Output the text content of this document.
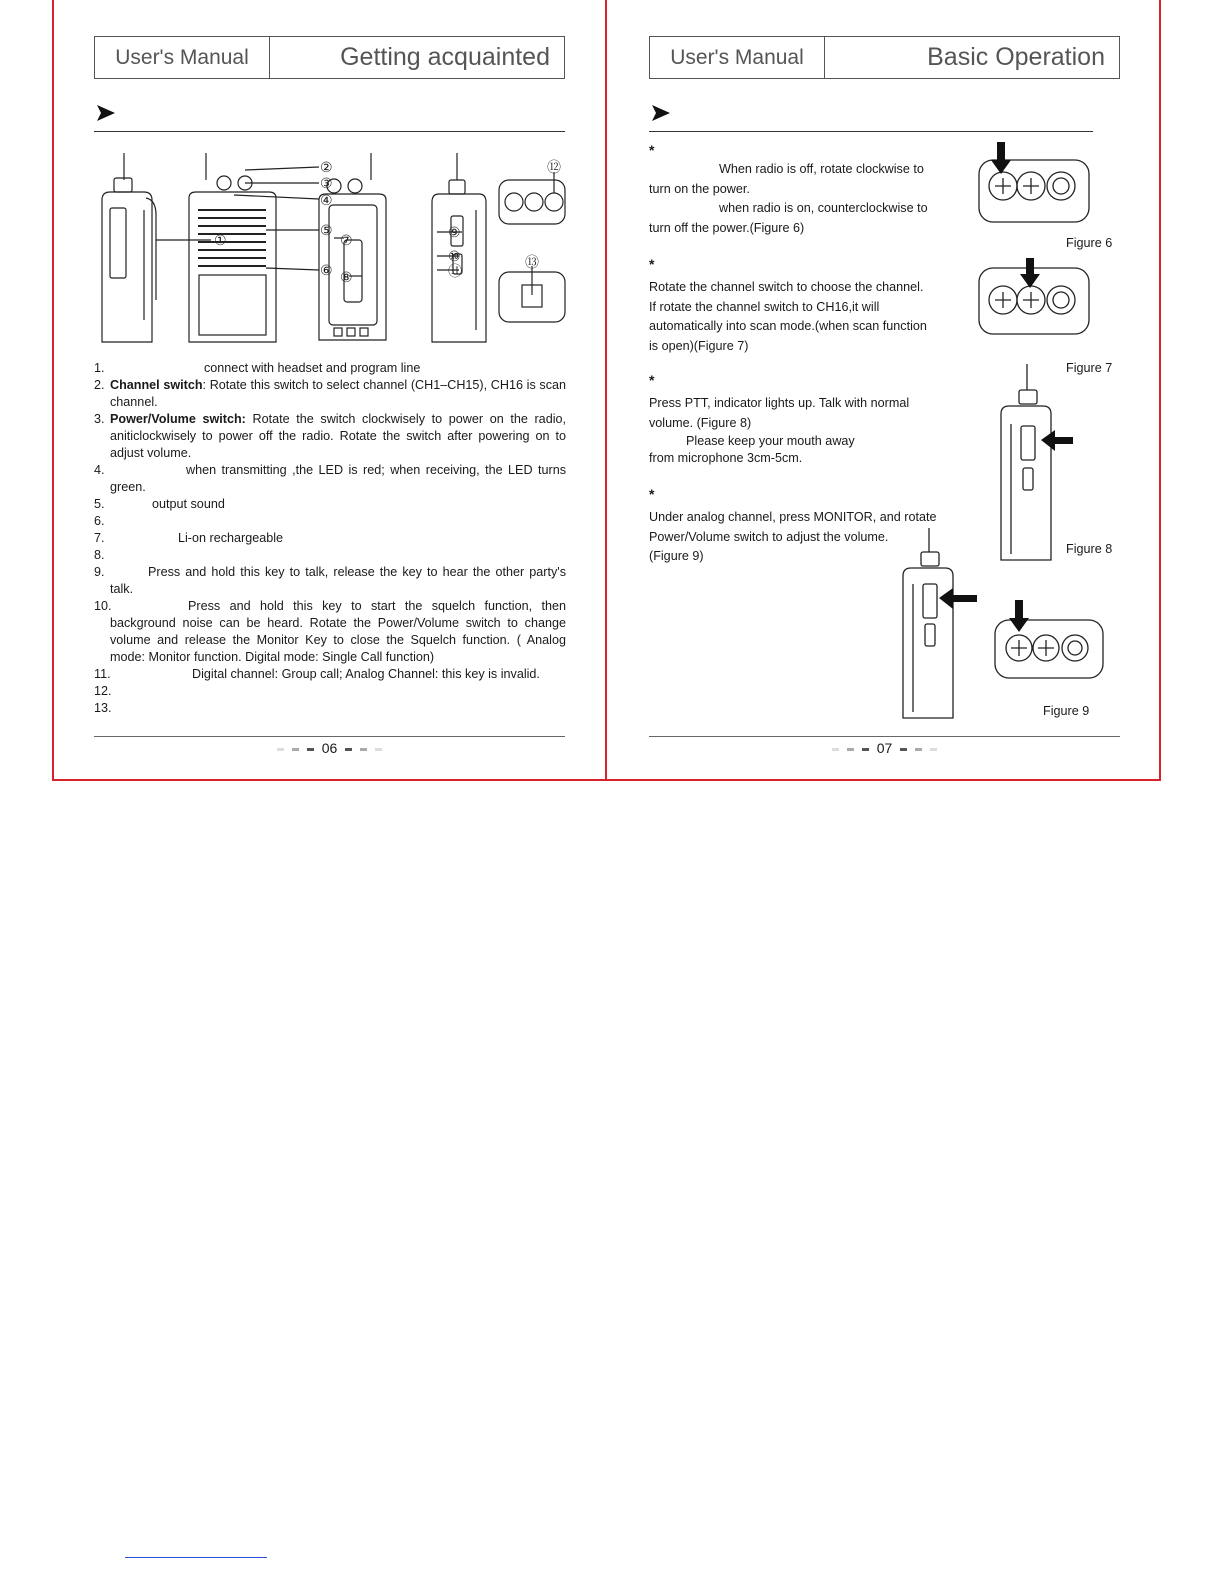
User's Manual	Getting acquainted
①
②
③
④
⑤
⑥
⑦
⑧
⑨
⑩
⑪
⑫
⑬
1.	connect with headset and program line
2. Channel switch: Rotate this switch to select channel (CH1–CH15), CH16 is scan channel.
3. Power/Volume switch: Rotate the switch clockwisely to power on the radio, aniticlockwisely to power off the radio. Rotate the switch after powering on to adjust volume.
4.	when transmitting ,the LED is red; when receiving, the LED turns green.
5.	output sound
6.

7.	Li-on rechargeable
8.

9.	Press and hold this key to talk, release the key to hear the other party's talk.
10.	Press and hold this key to start the squelch function, then background noise can be heard. Rotate the Power/Volume switch to change volume and release the Monitor Key to close the Squelch function. ( Analog mode: Monitor function. Digital mode: Single Call function)
11.	Digital channel: Group call; Analog Channel: this key is invalid.
12.

13.

06
User's Manual	Basic Operation
*
When radio is off, rotate clockwise to
turn on the power.
when radio is on, counterclockwise to
turn off the power.(Figure 6)
*
Rotate the channel switch to choose the channel.
If rotate the channel switch to CH16,it will
automatically into scan mode.(when scan function
is open)(Figure 7)
*
Press PTT, indicator lights up. Talk with normal
volume. (Figure 8)
Please keep your mouth away
from microphone 3cm-5cm.
*
Under analog channel, press MONITOR, and rotate
Power/Volume switch to adjust the volume.
(Figure 9)
Figure 6
Figure 7
Figure 8
Figure 9
07
